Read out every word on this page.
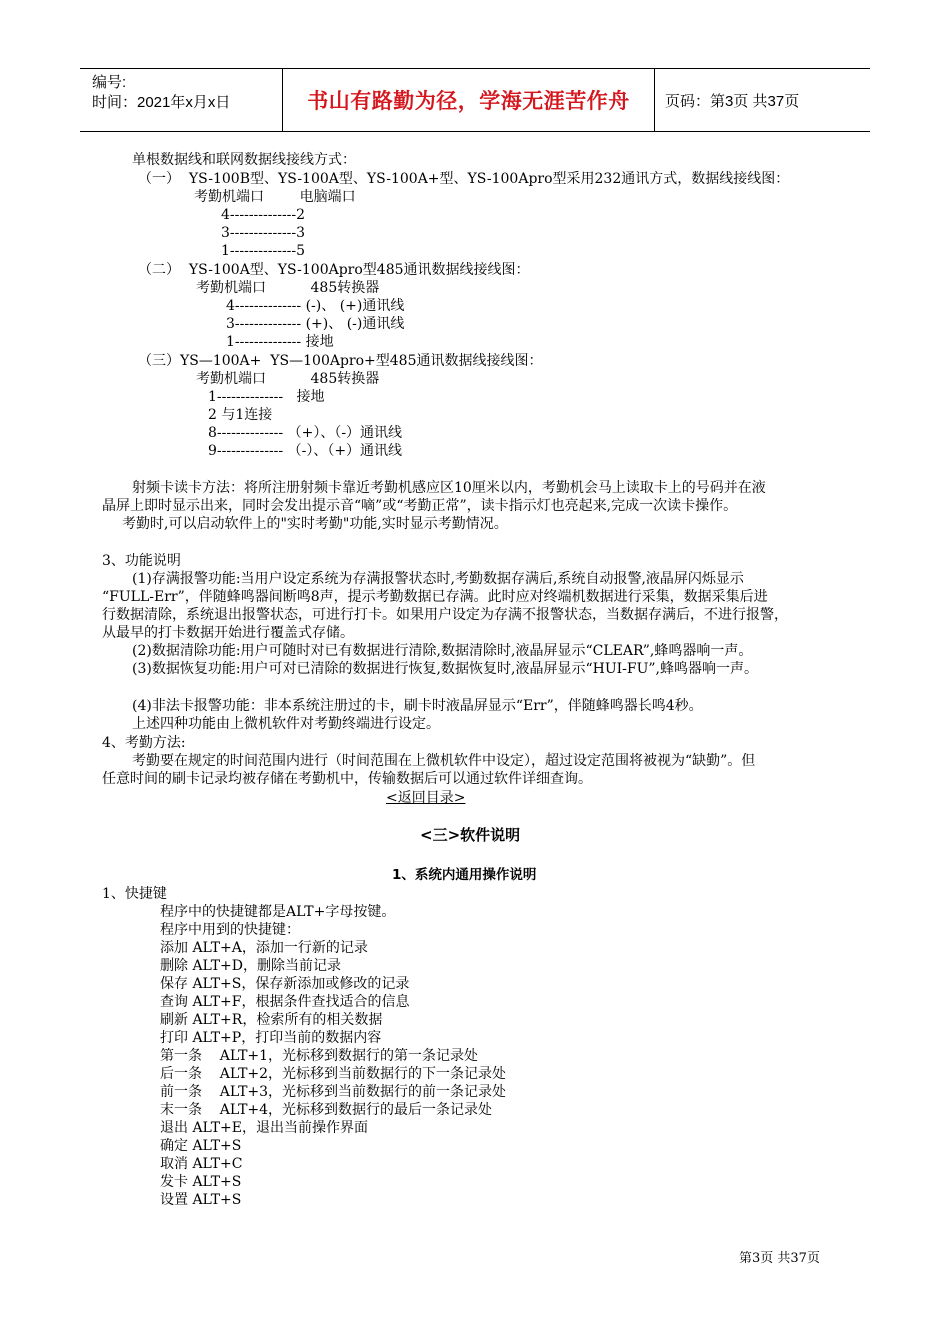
编号:
时间：2021年x月x日	书山有路勤为径，学海无涯苦作舟 页码：第3页 共37页
单根数据线和联网数据线接线方式：
（一）  YS-100B型、YS-100A型、YS-100A+型、YS-100Apro型采用232通讯方式，数据线接线图：
考勤机端口        电脑端口
4--------------2
3--------------3
1--------------5
（二）  YS-100A型、YS-100Apro型485通讯数据线接线图：
考勤机端口          485转换器
4-------------- (-)、 (+)通讯线
3-------------- (+)、 (-)通讯线
1-------------- 接地
（三）YS—100A+  YS—100Apro+型485通讯数据线接线图：
考勤机端口          485转换器
1--------------   接地
2 与1连接
8-------------- （+）、（-）通讯线
9-------------- （-）、（+）通讯线
射频卡读卡方法：将所注册射频卡靠近考勤机感应区10厘米以内，考勤机会马上读取卡上的号码并在液
晶屏上即时显示出来，同时会发出提示音“嘀”或“考勤正常”，读卡指示灯也亮起来,完成一次读卡操作。
考勤时,可以启动软件上的"实时考勤"功能,实时显示考勤情况。
3、功能说明
(1)存满报警功能:当用户设定系统为存满报警状态时,考勤数据存满后,系统自动报警,液晶屏闪烁显示
“FULL-Err”，伴随蜂鸣器间断鸣8声，提示考勤数据已存满。此时应对终端机数据进行采集，数据采集后进
行数据清除，系统退出报警状态，可进行打卡。如果用户设定为存满不报警状态，当数据存满后，不进行报警，
从最早的打卡数据开始进行覆盖式存储。
(2)数据清除功能:用户可随时对已有数据进行清除,数据清除时,液晶屏显示“CLEAR”,蜂鸣器响一声。
(3)数据恢复功能:用户可对已清除的数据进行恢复,数据恢复时,液晶屏显示“HUI-FU”,蜂鸣器响一声。
(4)非法卡报警功能：非本系统注册过的卡，刷卡时液晶屏显示“Err”，伴随蜂鸣器长鸣4秒。
上述四种功能由上微机软件对考勤终端进行设定。
4、考勤方法:
考勤要在规定的时间范围内进行（时间范围在上微机软件中设定），超过设定范围将被视为“缺勤”。但
任意时间的刷卡记录均被存储在考勤机中，传输数据后可以通过软件详细查询。
<返回目录>
<三>软件说明
1、系统内通用操作说明
1、快捷键
程序中的快捷键都是ALT+字母按键。
程序中用到的快捷键：
添加 ALT+A，添加一行新的记录
删除 ALT+D，删除当前记录
保存 ALT+S，保存新添加或修改的记录
查询 ALT+F，根据条件查找适合的信息
刷新 ALT+R，检索所有的相关数据
打印 ALT+P，打印当前的数据内容
第一条    ALT+1，光标移到数据行的第一条记录处
后一条    ALT+2，光标移到当前数据行的下一条记录处
前一条    ALT+3，光标移到当前数据行的前一条记录处
末一条    ALT+4，光标移到数据行的最后一条记录处
退出 ALT+E，退出当前操作界面
确定 ALT+S
取消 ALT+C
发卡 ALT+S
设置 ALT+S
第3页 共37页
